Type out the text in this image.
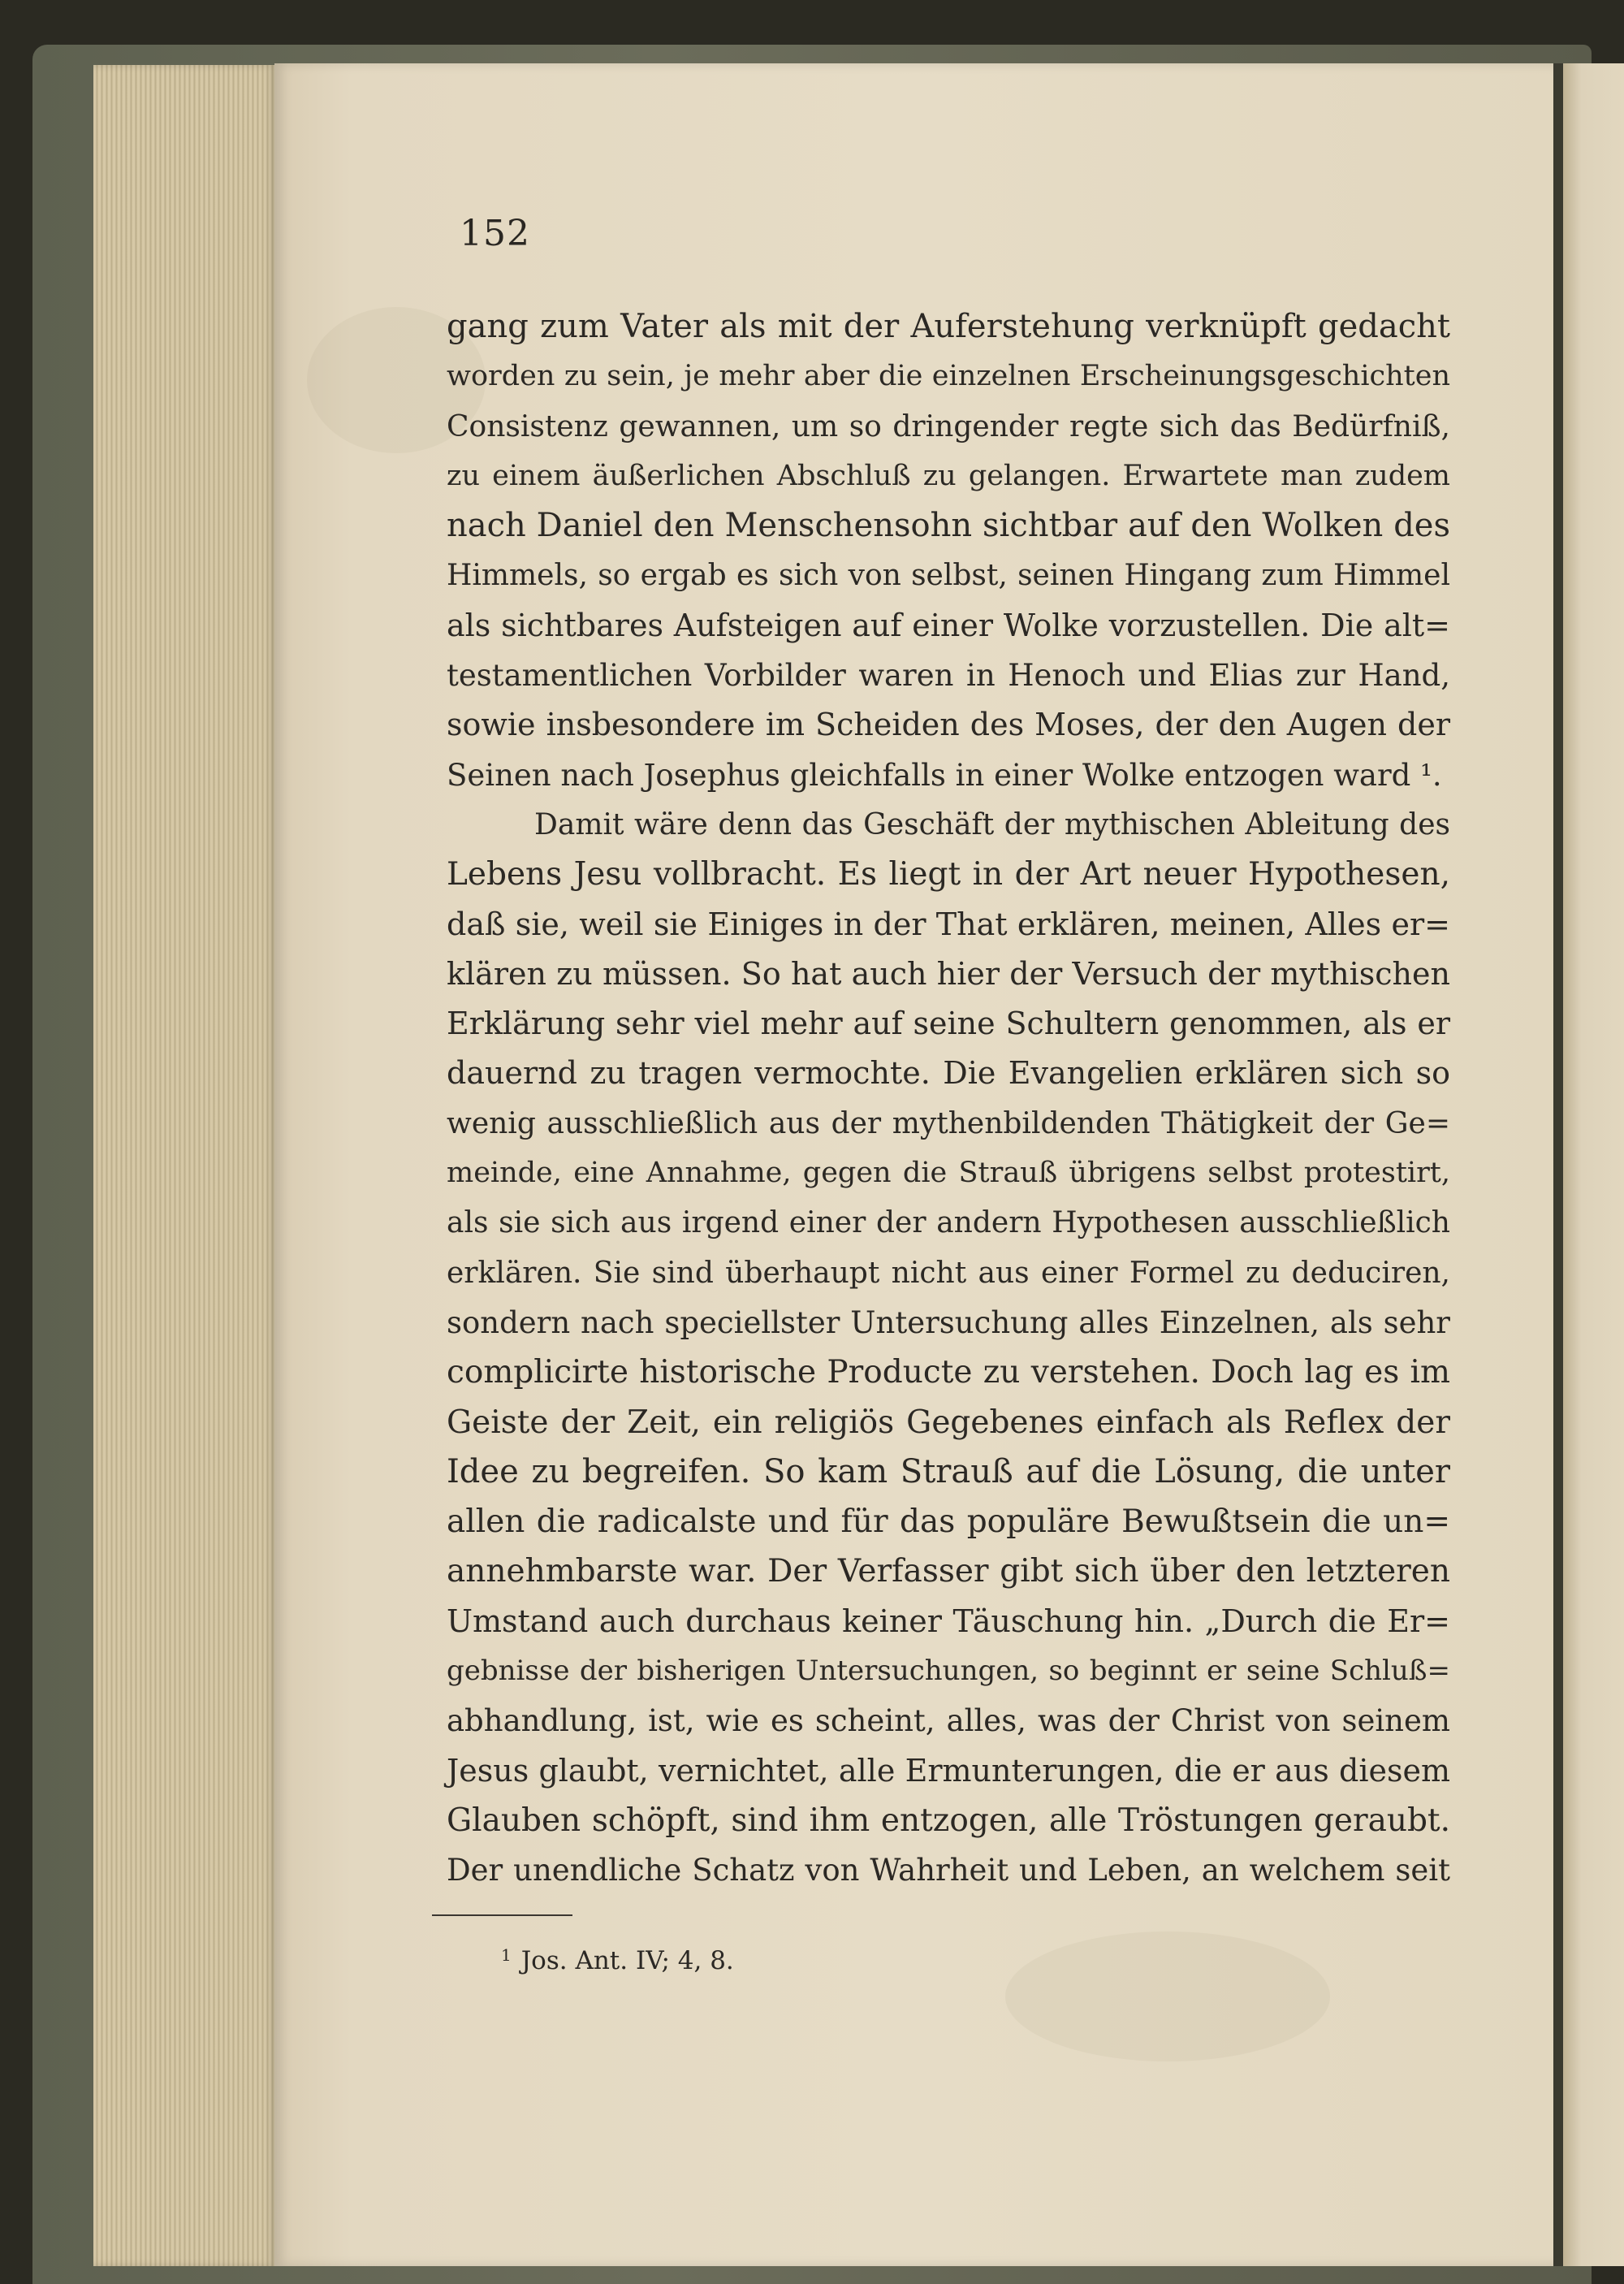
152
gang zum Vater als mit der Auferstehung verknüpft gedacht
worden zu sein, je mehr aber die einzelnen Erscheinungsgeschichten
Consistenz gewannen, um so dringender regte sich das Bedürfniß,
zu einem äußerlichen Abschluß zu gelangen. Erwartete man zudem
nach Daniel den Menschensohn sichtbar auf den Wolken des
Himmels, so ergab es sich von selbst, seinen Hingang zum Himmel
als sichtbares Aufsteigen auf einer Wolke vorzustellen. Die alt=
testamentlichen Vorbilder waren in Henoch und Elias zur Hand,
sowie insbesondere im Scheiden des Moses, der den Augen der
Seinen nach Josephus gleichfalls in einer Wolke entzogen ward ¹.
Damit wäre denn das Geschäft der mythischen Ableitung des
Lebens Jesu vollbracht. Es liegt in der Art neuer Hypothesen,
daß sie, weil sie Einiges in der That erklären, meinen, Alles er=
klären zu müssen. So hat auch hier der Versuch der mythischen
Erklärung sehr viel mehr auf seine Schultern genommen, als er
dauernd zu tragen vermochte. Die Evangelien erklären sich so
wenig ausschließlich aus der mythenbildenden Thätigkeit der Ge=
meinde, eine Annahme, gegen die Strauß übrigens selbst protestirt,
als sie sich aus irgend einer der andern Hypothesen ausschließlich
erklären. Sie sind überhaupt nicht aus einer Formel zu deduciren,
sondern nach speciellster Untersuchung alles Einzelnen, als sehr
complicirte historische Producte zu verstehen. Doch lag es im
Geiste der Zeit, ein religiös Gegebenes einfach als Reflex der
Idee zu begreifen. So kam Strauß auf die Lösung, die unter
allen die radicalste und für das populäre Bewußtsein die un=
annehmbarste war. Der Verfasser gibt sich über den letzteren
Umstand auch durchaus keiner Täuschung hin. „Durch die Er=
gebnisse der bisherigen Untersuchungen, so beginnt er seine Schluß=
abhandlung, ist, wie es scheint, alles, was der Christ von seinem
Jesus glaubt, vernichtet, alle Ermunterungen, die er aus diesem
Glauben schöpft, sind ihm entzogen, alle Tröstungen geraubt.
Der unendliche Schatz von Wahrheit und Leben, an welchem seit
$^1$ Jos. Ant. IV; 4, 8.
